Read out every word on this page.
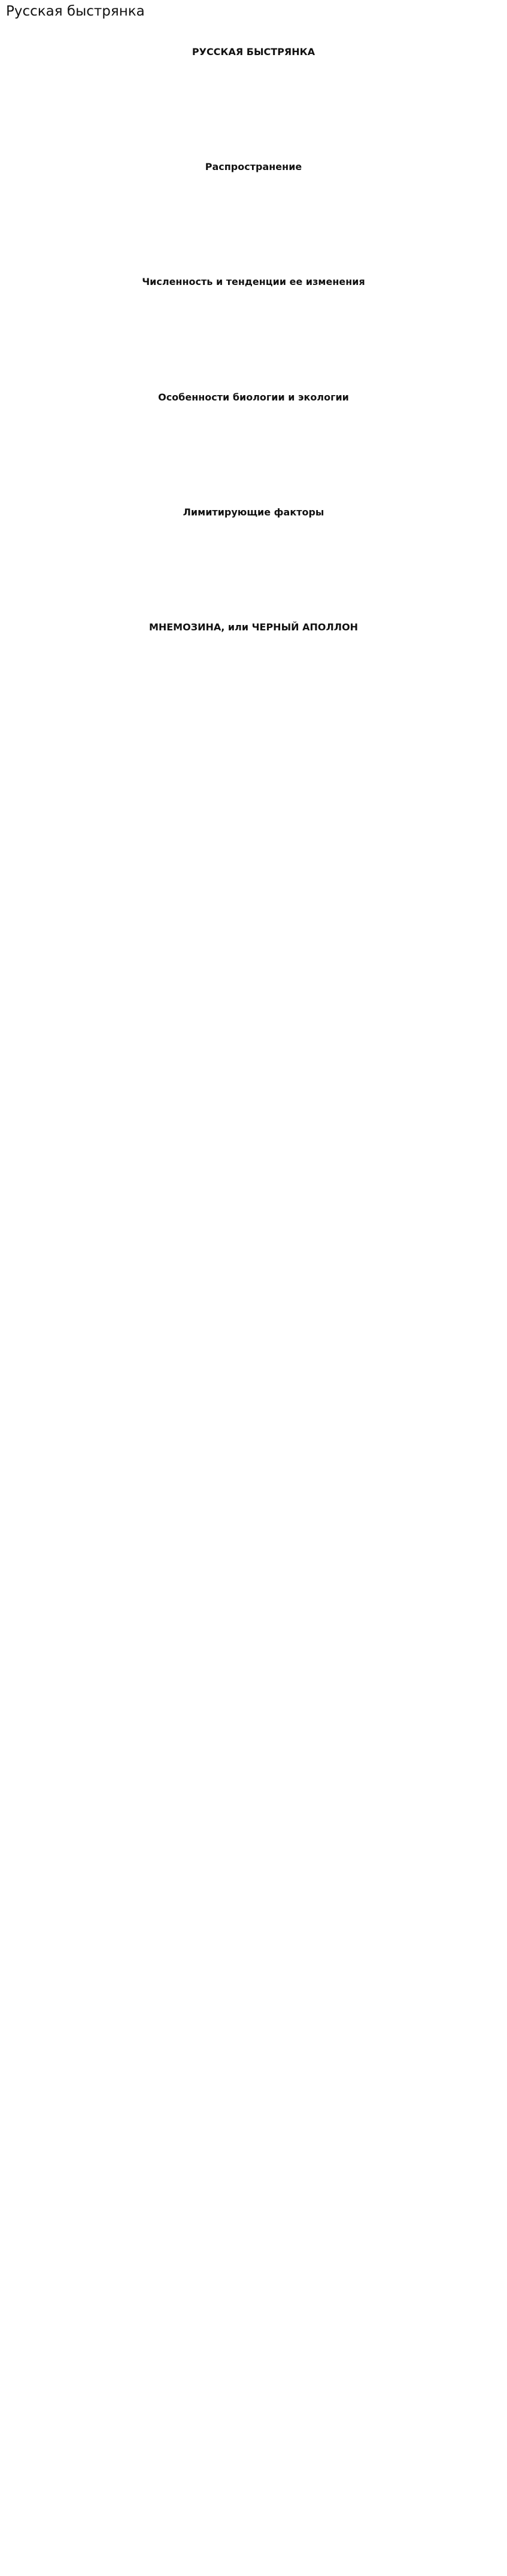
Русская быстрянка
РУССКАЯ БЫСТРЯНКА
Распространение
Численность и тенденции ее изменения
Особенности биологии и экологии
Лимитирующие факторы
МНЕМОЗИНА, или ЧЕРНЫЙ АПОЛЛОН
